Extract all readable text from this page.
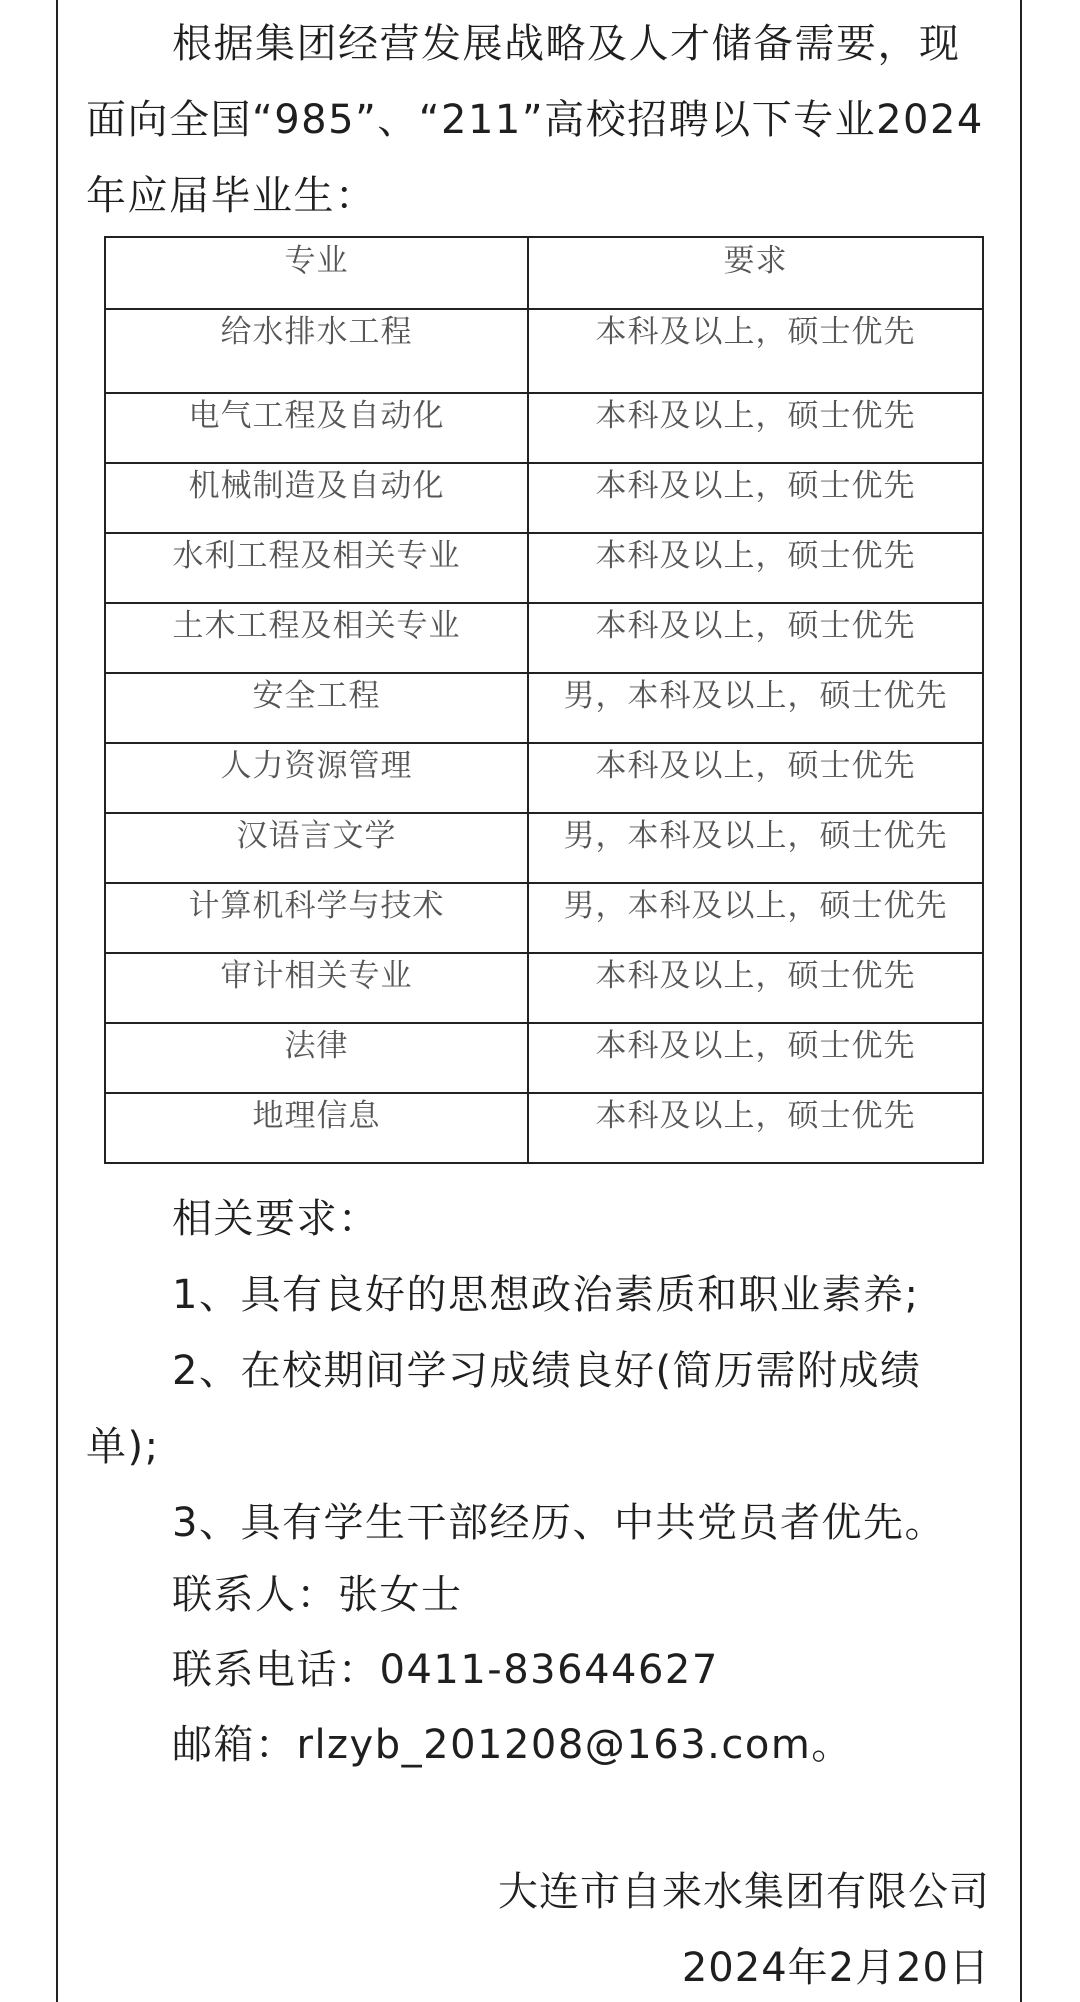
根据集团经营发展战略及人才储备需要，现
面向全国“985”、“211”高校招聘以下专业2024
年应届毕业生：
专业	要求
给水排水工程	本科及以上，硕士优先
电气工程及自动化	本科及以上，硕士优先
机械制造及自动化	本科及以上，硕士优先
水利工程及相关专业	本科及以上，硕士优先
土木工程及相关专业	本科及以上，硕士优先
安全工程	男，本科及以上，硕士优先
人力资源管理	本科及以上，硕士优先
汉语言文学	男，本科及以上，硕士优先
计算机科学与技术	男，本科及以上，硕士优先
审计相关专业	本科及以上，硕士优先
法律	本科及以上，硕士优先
地理信息	本科及以上，硕士优先
相关要求：
1、具有良好的思想政治素质和职业素养;
2、在校期间学习成绩良好(简历需附成绩
单);
3、具有学生干部经历、中共党员者优先。
联系人：张女士
联系电话：0411-83644627
邮箱：rlzyb_201208@163.com。
大连市自来水集团有限公司
2024年2月20日
